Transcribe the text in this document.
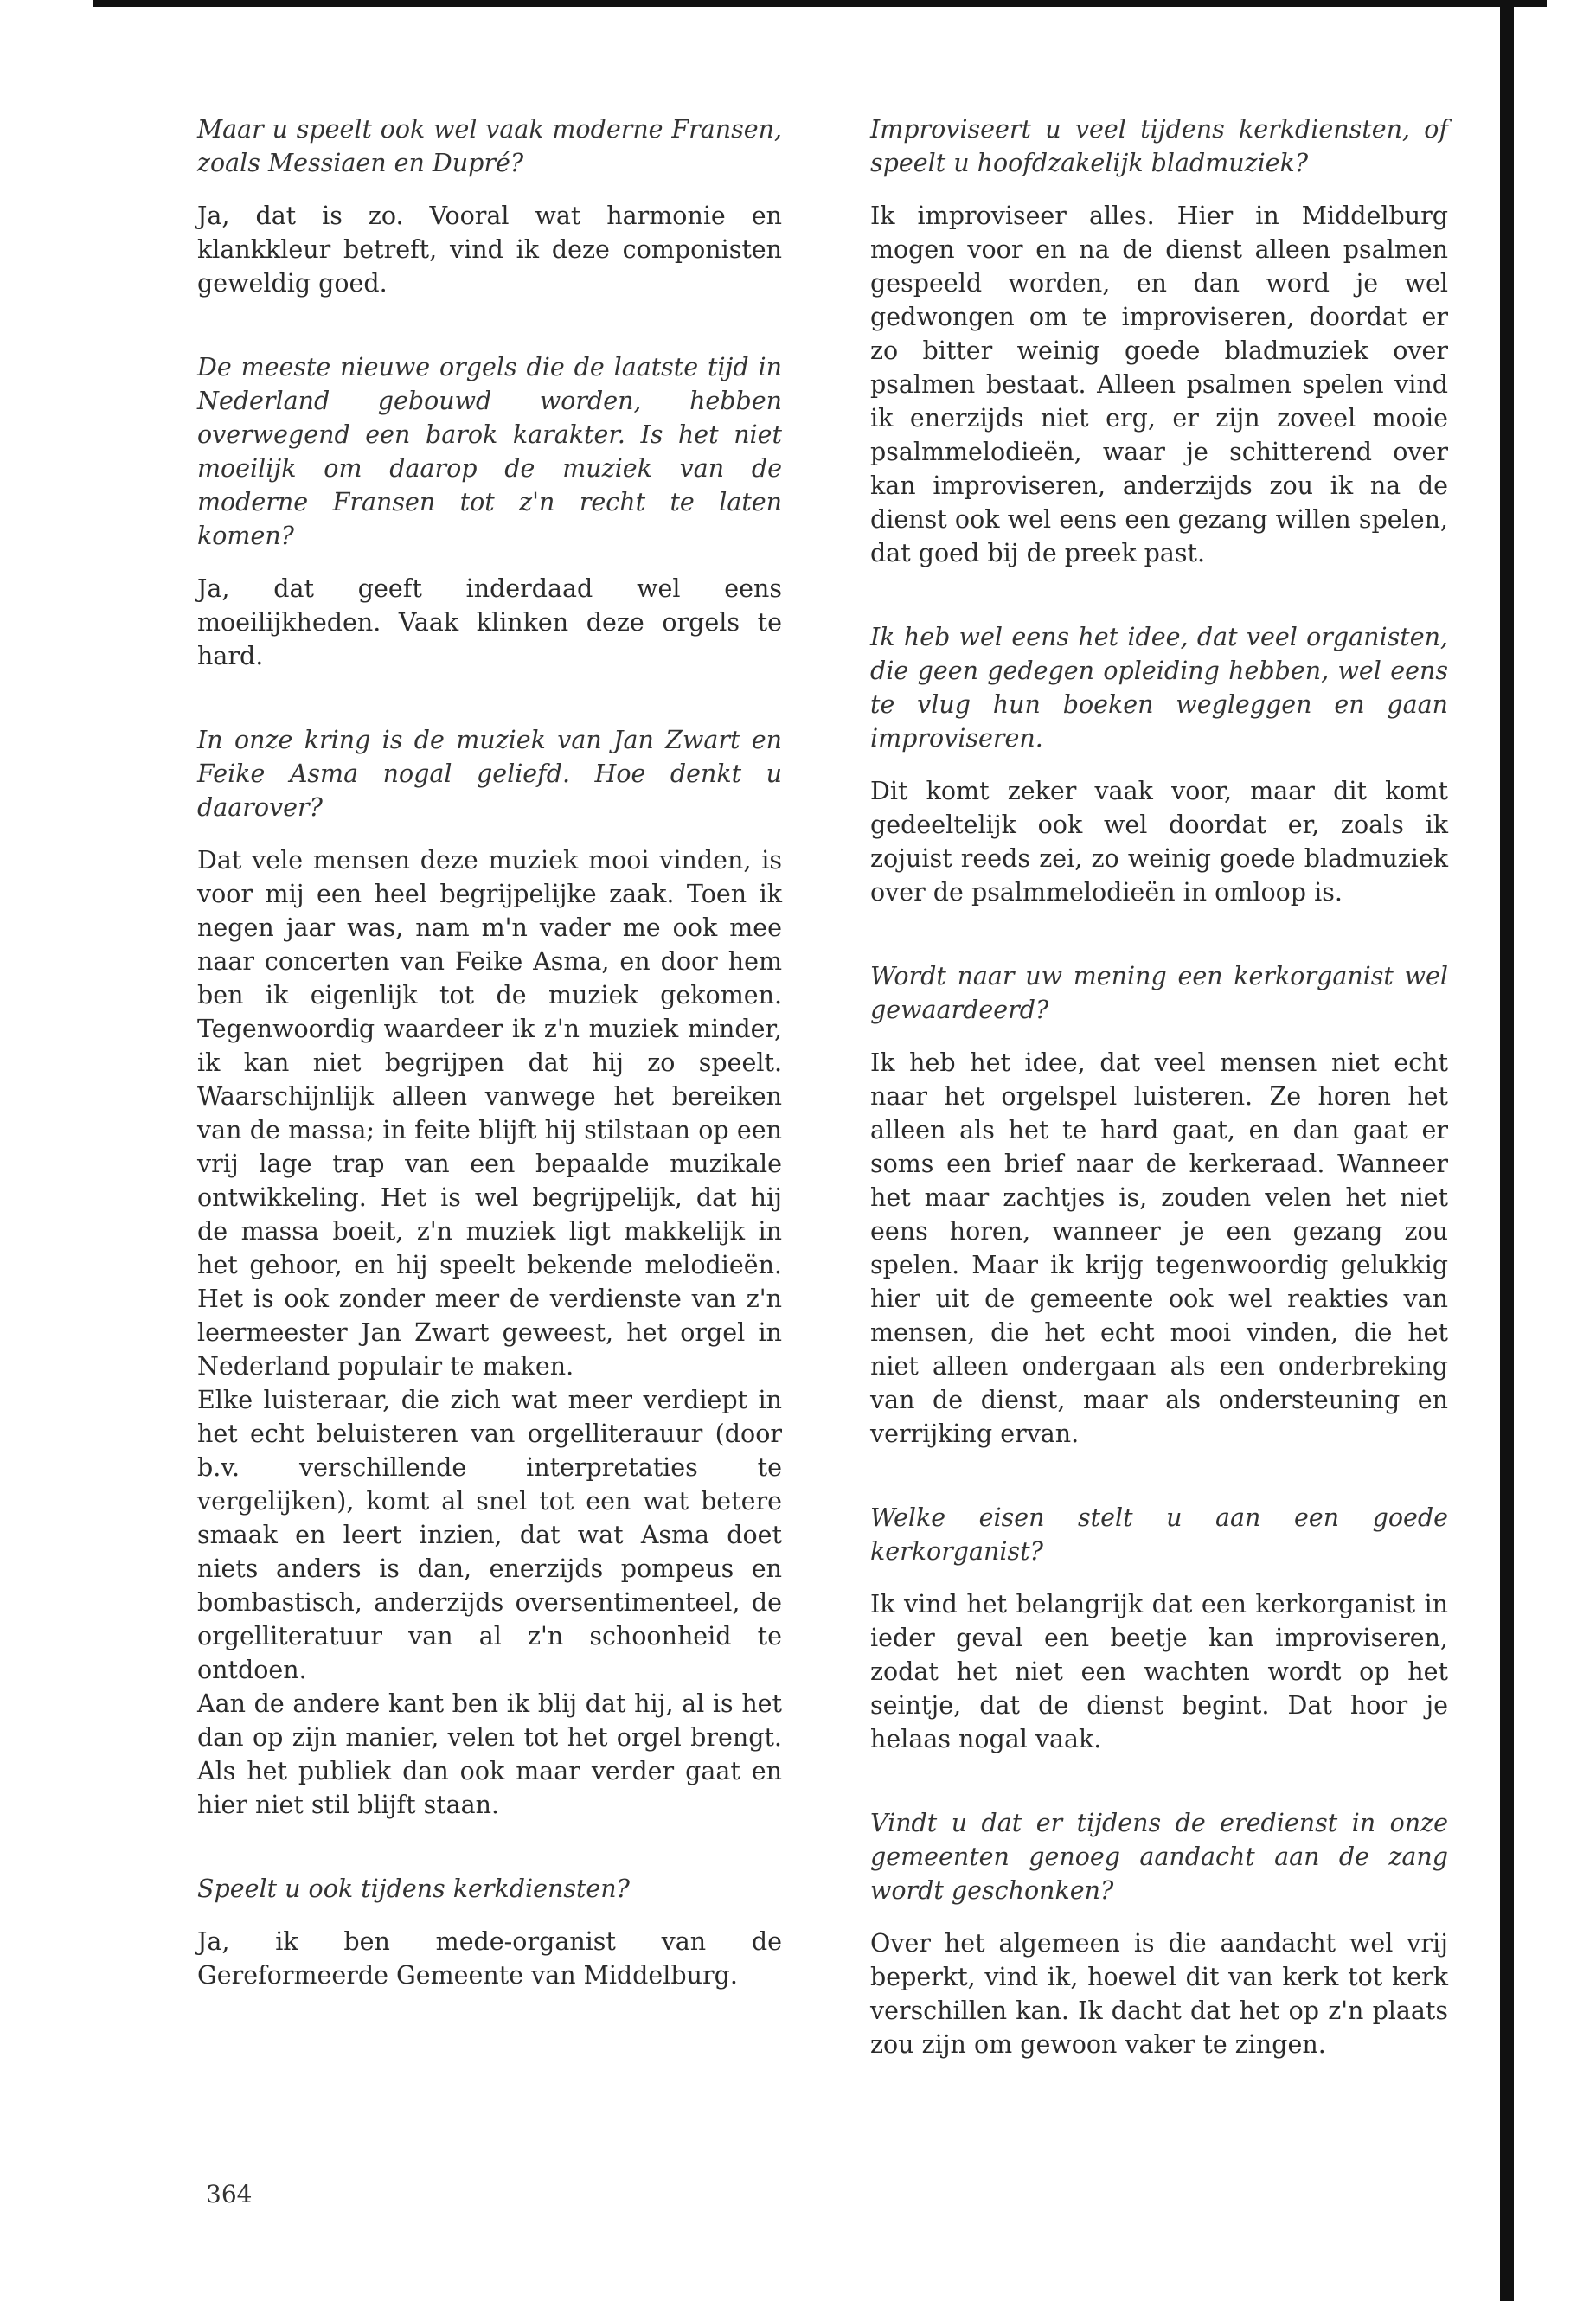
Maar u speelt ook wel vaak moderne Fransen, zoals Messiaen en Dupré?

Ja, dat is zo. Vooral wat harmonie en klankkleur betreft, vind ik deze componisten geweldig goed.

De meeste nieuwe orgels die de laatste tijd in Nederland gebouwd worden, hebben overwegend een barok karakter. Is het niet moeilijk om daarop de muziek van de moderne Fransen tot z'n recht te laten komen?

Ja, dat geeft inderdaad wel eens moeilijkheden. Vaak klinken deze orgels te hard.

In onze kring is de muziek van Jan Zwart en Feike Asma nogal geliefd. Hoe denkt u daarover?

Dat vele mensen deze muziek mooi vinden, is voor mij een heel begrijpelijke zaak. Toen ik negen jaar was, nam m'n vader me ook mee naar concerten van Feike Asma, en door hem ben ik eigenlijk tot de muziek gekomen. Tegenwoordig waardeer ik z'n muziek minder, ik kan niet begrijpen dat hij zo speelt. Waarschijnlijk alleen vanwege het bereiken van de massa; in feite blijft hij stilstaan op een vrij lage trap van een bepaalde muzikale ontwikkeling. Het is wel begrijpelijk, dat hij de massa boeit, z'n muziek ligt makkelijk in het gehoor, en hij speelt bekende melodieën. Het is ook zonder meer de verdienste van z'n leermeester Jan Zwart geweest, het orgel in Nederland populair te maken.

Elke luisteraar, die zich wat meer verdiept in het echt beluisteren van orgelliterauur (door b.v. verschillende interpretaties te vergelijken), komt al snel tot een wat betere smaak en leert inzien, dat wat Asma doet niets anders is dan, enerzijds pompeus en bombastisch, anderzijds oversentimenteel, de orgelliteratuur van al z'n schoonheid te ontdoen.

Aan de andere kant ben ik blij dat hij, al is het dan op zijn manier, velen tot het orgel brengt. Als het publiek dan ook maar verder gaat en hier niet stil blijft staan.

Speelt u ook tijdens kerkdiensten?

Ja, ik ben mede-organist van de Gereformeerde Gemeente van Middelburg.

Improviseert u veel tijdens kerkdiensten, of speelt u hoofdzakelijk bladmuziek?

Ik improviseer alles. Hier in Middelburg mogen voor en na de dienst alleen psalmen gespeeld worden, en dan word je wel gedwongen om te improviseren, doordat er zo bitter weinig goede bladmuziek over psalmen bestaat. Alleen psalmen spelen vind ik enerzijds niet erg, er zijn zoveel mooie psalmmelodieën, waar je schitterend over kan improviseren, anderzijds zou ik na de dienst ook wel eens een gezang willen spelen, dat goed bij de preek past.

Ik heb wel eens het idee, dat veel organisten, die geen gedegen opleiding hebben, wel eens te vlug hun boeken wegleggen en gaan improviseren.

Dit komt zeker vaak voor, maar dit komt gedeeltelijk ook wel doordat er, zoals ik zojuist reeds zei, zo weinig goede bladmuziek over de psalmmelodieën in omloop is.

Wordt naar uw mening een kerkorganist wel gewaardeerd?

Ik heb het idee, dat veel mensen niet echt naar het orgelspel luisteren. Ze horen het alleen als het te hard gaat, en dan gaat er soms een brief naar de kerkeraad. Wanneer het maar zachtjes is, zouden velen het niet eens horen, wanneer je een gezang zou spelen. Maar ik krijg tegenwoordig gelukkig hier uit de gemeente ook wel reakties van mensen, die het echt mooi vinden, die het niet alleen ondergaan als een onderbreking van de dienst, maar als ondersteuning en verrijking ervan.

Welke eisen stelt u aan een goede kerkorganist?

Ik vind het belangrijk dat een kerkorganist in ieder geval een beetje kan improviseren, zodat het niet een wachten wordt op het seintje, dat de dienst begint. Dat hoor je helaas nogal vaak.

Vindt u dat er tijdens de eredienst in onze gemeenten genoeg aandacht aan de zang wordt geschonken?

Over het algemeen is die aandacht wel vrij beperkt, vind ik, hoewel dit van kerk tot kerk verschillen kan. Ik dacht dat het op z'n plaats zou zijn om gewoon vaker te zingen.

364
